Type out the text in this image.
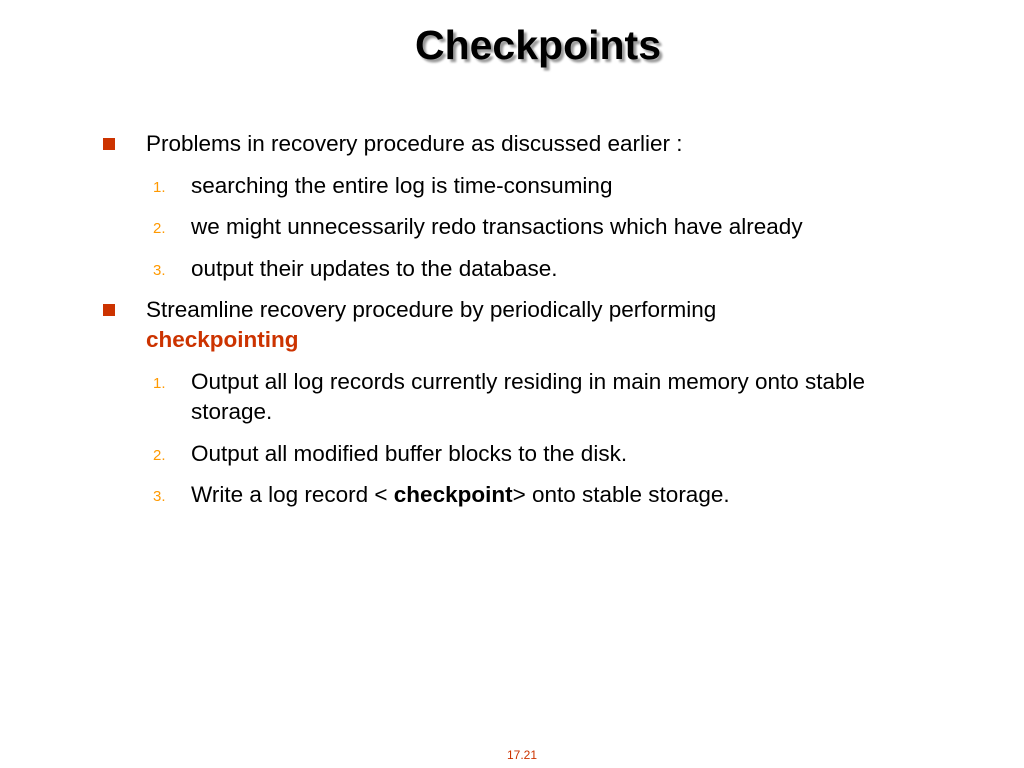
Checkpoints
Problems in recovery procedure as discussed earlier :
1. searching the entire log is time-consuming
2. we might unnecessarily redo transactions which have already
3. output their updates to the database.
Streamline recovery procedure by periodically performing
checkpointing
1. Output all log records currently residing in main memory onto stable storage.
2. Output all modified buffer blocks to the disk.
3. Write a log record < checkpoint> onto stable storage.
17.21
